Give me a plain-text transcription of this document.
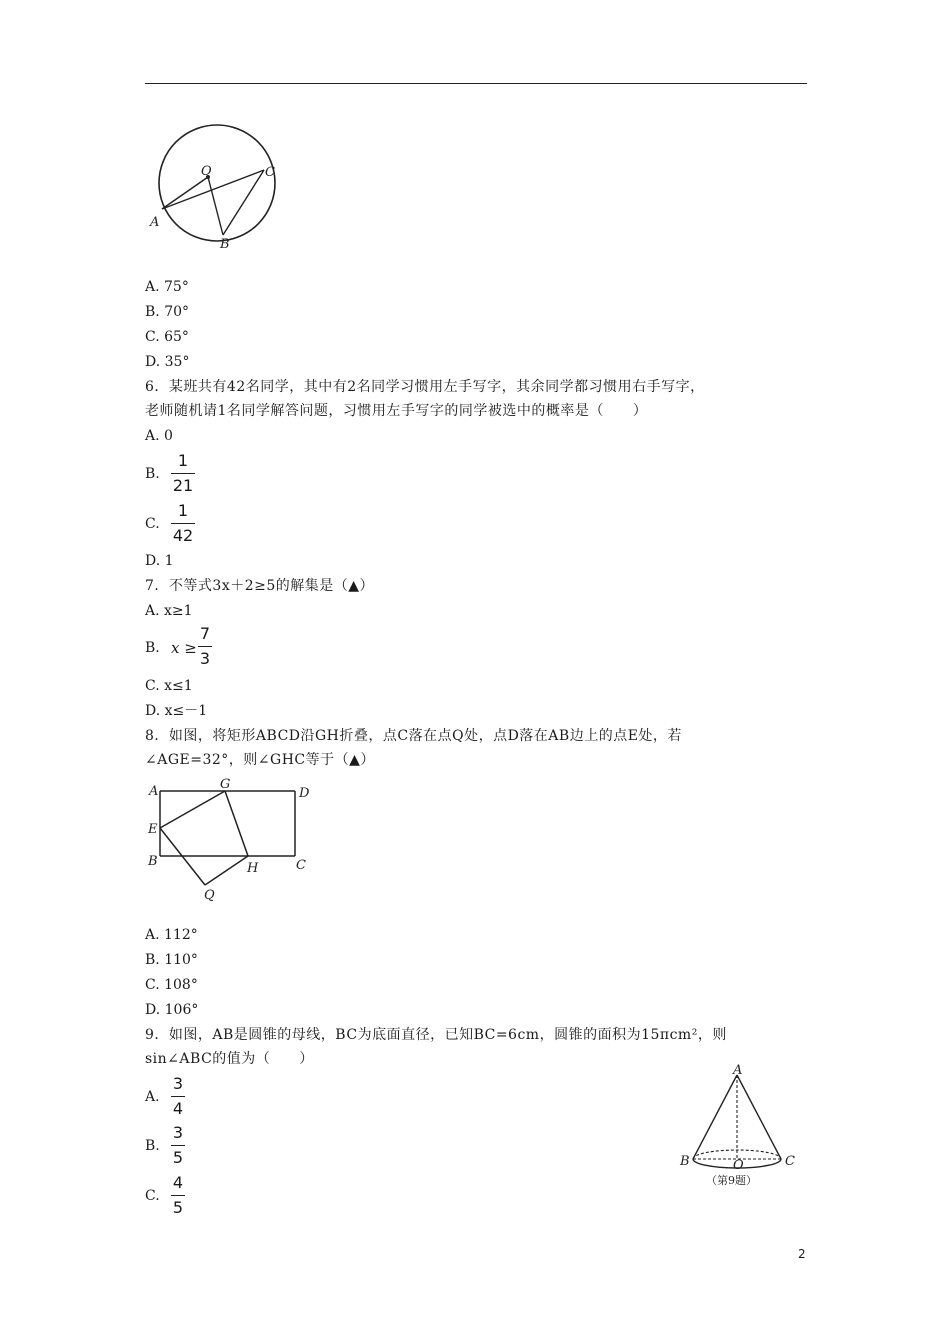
O	C
A
B
A. 75°
B. 70°
C. 65°
D. 35°
6．某班共有42名同学，其中有2名同学习惯用左手写字，其余同学都习惯用右手写字，
老师随机请1名同学解答问题，习惯用左手写字的同学被选中的概率是（　　）
A. 0
B.
1
21
C.
1
42
D. 1
7．不等式3x＋2≥5的解集是（▲）
A. x≥1
B. x ≥
7
3
C. x≤1
D. x≤－1
8．如图，将矩形ABCD沿GH折叠，点C落在点Q处，点D落在AB边上的点E处，若
∠AGE=32°，则∠GHC等于（▲）
A	G
D
E
B	H	C
Q
A. 112°
B. 110°
C. 108°
D. 106°
9．如图，AB是圆锥的母线，BC为底面直径，已知BC=6cm，圆锥的面积为15πcm²，则
sin∠ABC的值为（　　）
A.
3
4
B.
3
5
C.
4
5
A
B	O	C
（第9题）
2
